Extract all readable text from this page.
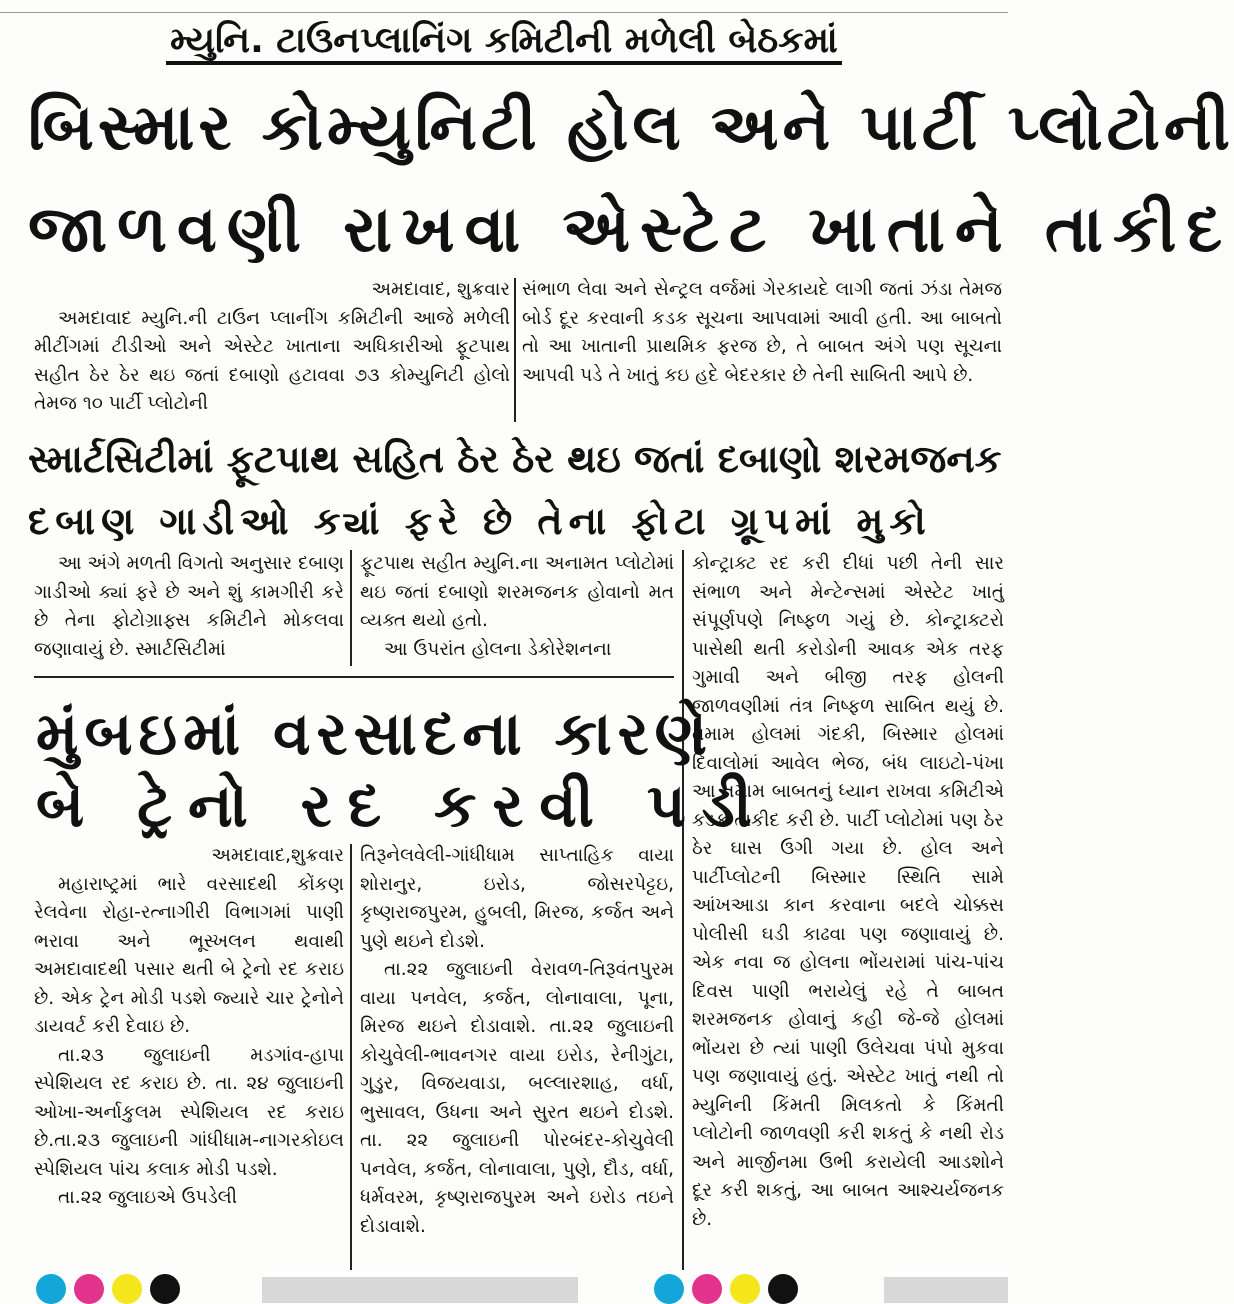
મ્યુનિ. ટાઉનપ્લાનિંગ કમિટીની મળેલી બેઠકમાં
બિસ્માર કોમ્યુનિટી હોલ અને પાર્ટી પ્લોટોની
જાળવણી રાખવા એસ્ટેટ ખાતાને તાકીદ

અમદાવાદ, શુક્રવાર

અમદાવાદ મ્યુનિ.ની ટાઉન પ્લાનીંગ કમિટીની આજે મળેલી મીટીંગમાં ટીડીઓ અને એસ્ટેટ ખાતાના અધિકારીઓ ફૂટપાથ સહીત ઠેર ઠેર થઇ જતાં દબાણો હટાવવા ૭૩ કોમ્યુનિટી હોલો તેમજ ૧૦ પાર્ટી પ્લોટોની

સંભાળ લેવા અને સેન્ટ્રલ વર્જમાં ગેરકાયદે લાગી જતાં ઝંડા તેમજ બોર્ડ દૂર કરવાની કડક સૂચના આપવામાં આવી હતી. આ બાબતો તો આ ખાતાની પ્રાથમિક ફરજ છે, તે બાબત અંગે પણ સૂચના આપવી પડે તે ખાતું કઇ હદે બેદરકાર છે તેની સાબિતી આપે છે.

સ્માર્ટસિટીમાં ફૂટપાથ સહિત ઠેર ઠેર થઇ જતાં દબાણો શરમજનક
દબાણ ગાડીઓ ક્યાં ફરે છે તેના ફોટા ગ્રૂપમાં મુકો

આ અંગે મળતી વિગતો અનુસાર દબાણ ગાડીઓ ક્યાં ફરે છે અને શું કામગીરી કરે છે તેના ફોટોગ્રાફ્સ કમિટીને મોકલવા જણાવાયું છે. સ્માર્ટસિટીમાં

ફૂટપાથ સહીત મ્યુનિ.ના અનામત પ્લોટોમાં થઇ જતાં દબાણો શરમજનક હોવાનો મત વ્યક્ત થયો હતો.

આ ઉપરાંત હોલના ડેકોરેશનના

કોન્ટ્રાક્ટ રદ કરી દીધાં પછી તેની સાર સંભાળ અને મેન્ટેન્સમાં એસ્ટેટ ખાતું સંપૂર્ણપણે નિષ્ફળ ગયું છે. કોન્ટ્રાક્ટરો પાસેથી થતી કરોડોની આવક એક તરફ ગુમાવી અને બીજી તરફ હોલની જાળવણીમાં તંત્ર નિષ્ફળ સાબિત થયું છે. તમામ હોલમાં ગંદકી, બિસ્માર હોલમાં દિવાલોમાં આવેલ ભેજ, બંધ લાઇટો-પંખા આ તમામ બાબતનું ધ્યાન રાખવા કમિટીએ કડક તાકીદ કરી છે. પાર્ટી પ્લોટોમાં પણ ઠેર ઠેર ઘાસ ઉગી ગયા છે. હોલ અને પાર્ટીપ્લોટની બિસ્માર સ્થિતિ સામે આંખઆડા કાન કરવાના બદલે ચોક્કસ પોલીસી ઘડી કાઢવા પણ જણાવાયું છે. એક નવા જ હોલના ભોંયરામાં પાંચ-પાંચ દિવસ પાણી ભરાયેલું રહે તે બાબત શરમજનક હોવાનું કહી જે-જે હોલમાં ભોંયરા છે ત્યાં પાણી ઉલેચવા પંપો મુકવા પણ જણાવાયું હતું. એસ્ટેટ ખાતું નથી તો મ્યુનિની કિંમતી મિલકતો કે કિંમતી પ્લોટોની જાળવણી કરી શકતું કે નથી રોડ અને માર્જીનમા ઉભી કરાયેલી આડશોને દૂર કરી શકતું, આ બાબત આશ્ચર્યજનક છે.

મુંબઇમાં વરસાદના કારણે
બે ટ્રેનો રદ કરવી પડી

અમદાવાદ,શુક્રવાર

મહારાષ્ટ્રમાં ભારે વરસાદથી કોંકણ રેલવેના રોહા-રત્નાગીરી વિભાગમાં પાણી ભરાવા અને ભૂસ્ખલન થવાથી અમદાવાદથી પસાર થતી બે ટ્રેનો રદ કરાઇ છે. એક ટ્રેન મોડી પડશે જ્યારે ચાર ટ્રેનોને ડાયવર્ટ કરી દેવાઇ છે.

તા.૨૩ જુલાઇની મડગાંવ-હાપા સ્પેશિયલ રદ કરાઇ છે. તા. ૨૪ જુલાઇની ઓખા-અર્નાકુલમ સ્પેશિયલ રદ કરાઇ છે.તા.૨૩ જુલાઇની ગાંધીધામ-નાગરકોઇલ સ્પેશિયલ પાંચ કલાક મોડી પડશે.

તા.૨૨ જુલાઇએ ઉપડેલી

તિરૂનેલવેલી-ગાંધીધામ સાપ્તાહિક વાયા શોરાનુર, ઇરોડ, જોસરપેટ્ટઇ, કૃષ્ણરાજપુરમ, હુબલી, મિરજ, કર્જત અને પુણે થઇને દોડશે.

તા.૨૨ જુલાઇની વેરાવળ-તિરૂવંતપુરમ વાયા પનવેલ, કર્જત, લોનાવાલા, પૂના, મિરજ થઇને દોડાવાશે. તા.૨૨ જુલાઇની કોચુવેલી-ભાવનગર વાયા ઇરોડ, રેનીગુંટા, ગુડુર, વિજયવાડા, બલ્લારશાહ, વર્ધા, ભુસાવલ, ઉધના અને સુરત થઇને દોડશે. તા. ૨૨ જુલાઇની પોરબંદર-કોચુવેલી પનવેલ, કર્જત, લોનાવાલા, પુણે, દૌડ, વર્ધા, ધર્મવરમ, કૃષ્ણરાજપુરમ અને ઇરોડ તઇને દોડાવાશે.
